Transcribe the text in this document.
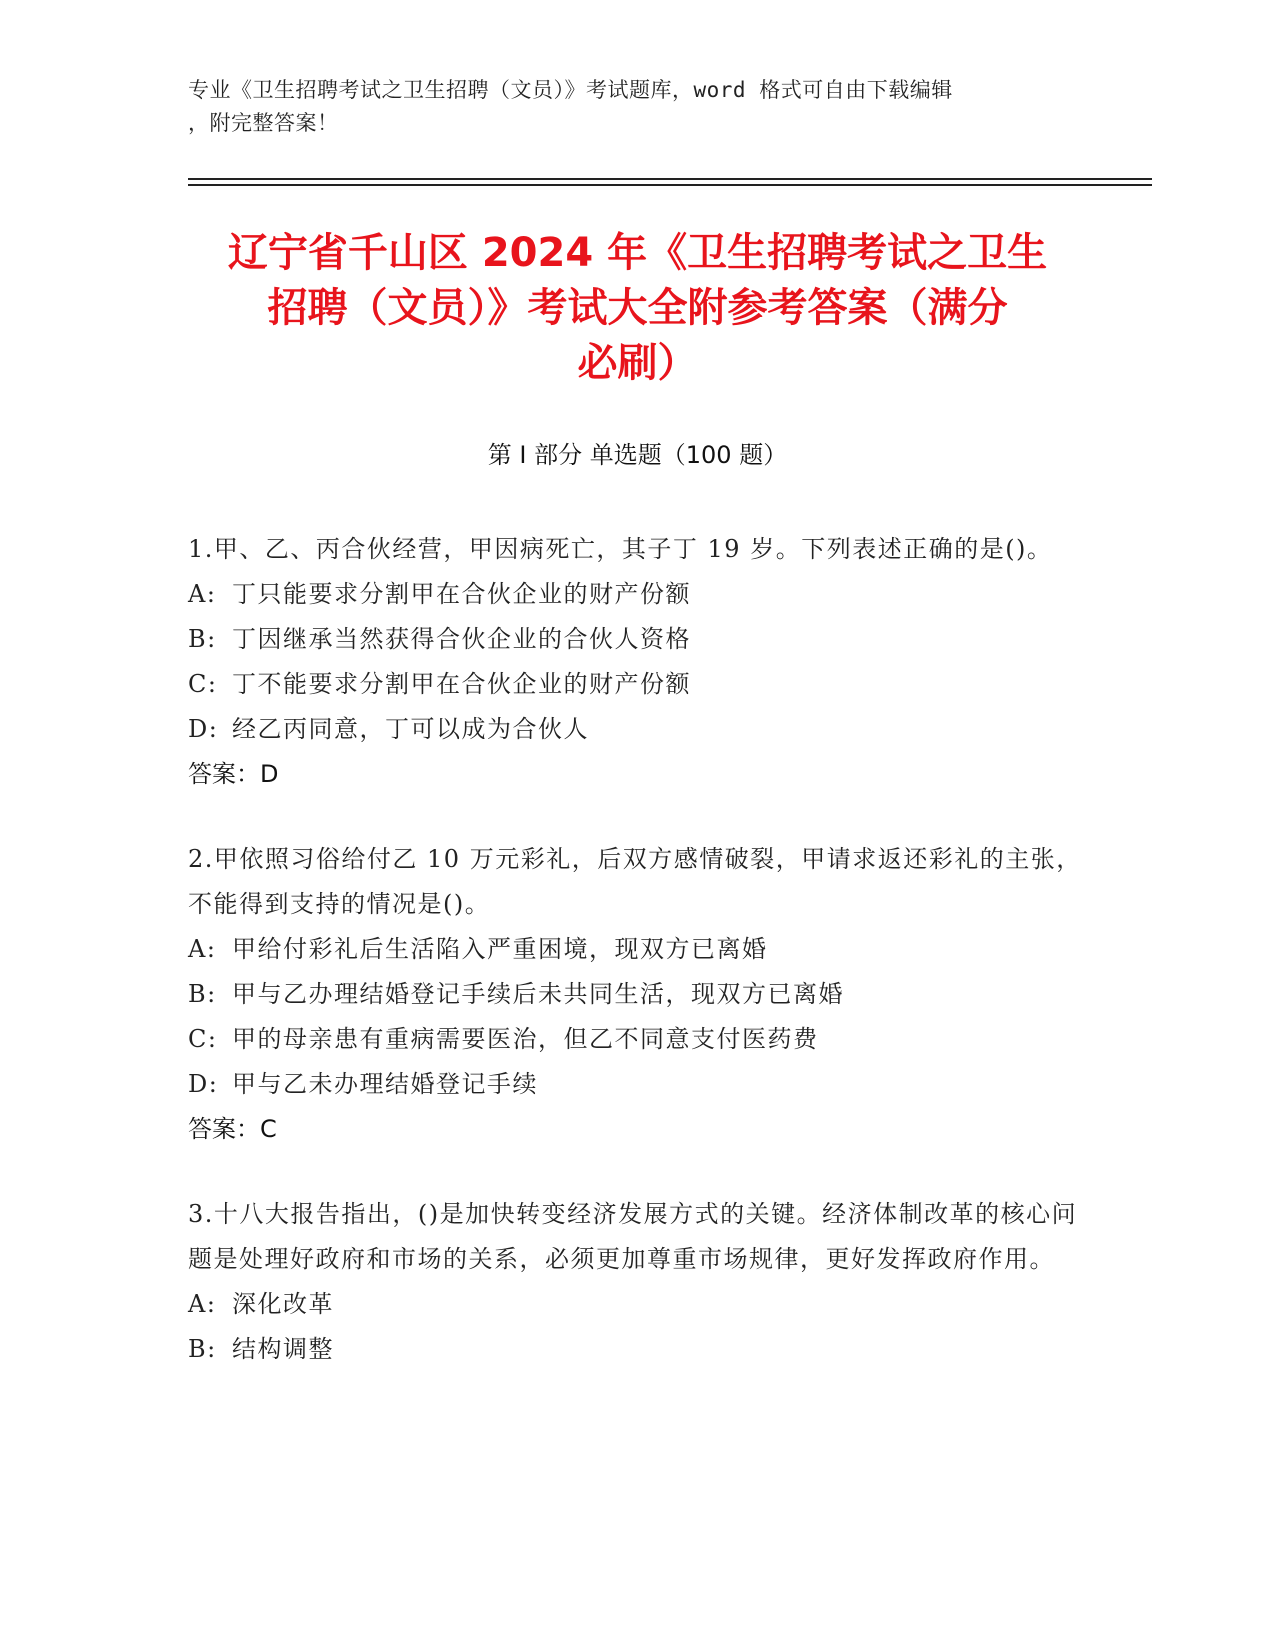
专业《卫生招聘考试之卫生招聘（文员）》考试题库，word 格式可自由下载编辑
，附完整答案！
辽宁省千山区 2024 年《卫生招聘考试之卫生
招聘（文员）》考试大全附参考答案（满分
必刷）
第 I 部分 单选题（100 题）
1.甲、乙、丙合伙经营，甲因病死亡，其子丁 19 岁。下列表述正确的是()。
A: 丁只能要求分割甲在合伙企业的财产份额
B: 丁因继承当然获得合伙企业的合伙人资格
C: 丁不能要求分割甲在合伙企业的财产份额
D: 经乙丙同意，丁可以成为合伙人
答案：D
2.甲依照习俗给付乙 10 万元彩礼，后双方感情破裂，甲请求返还彩礼的主张，不能得到支持的情况是()。
A: 甲给付彩礼后生活陷入严重困境，现双方已离婚
B: 甲与乙办理结婚登记手续后未共同生活，现双方已离婚
C: 甲的母亲患有重病需要医治，但乙不同意支付医药费
D: 甲与乙未办理结婚登记手续
答案：C
3.十八大报告指出，()是加快转变经济发展方式的关键。经济体制改革的核心问题是处理好政府和市场的关系，必须更加尊重市场规律，更好发挥政府作用。
A: 深化改革
B: 结构调整
